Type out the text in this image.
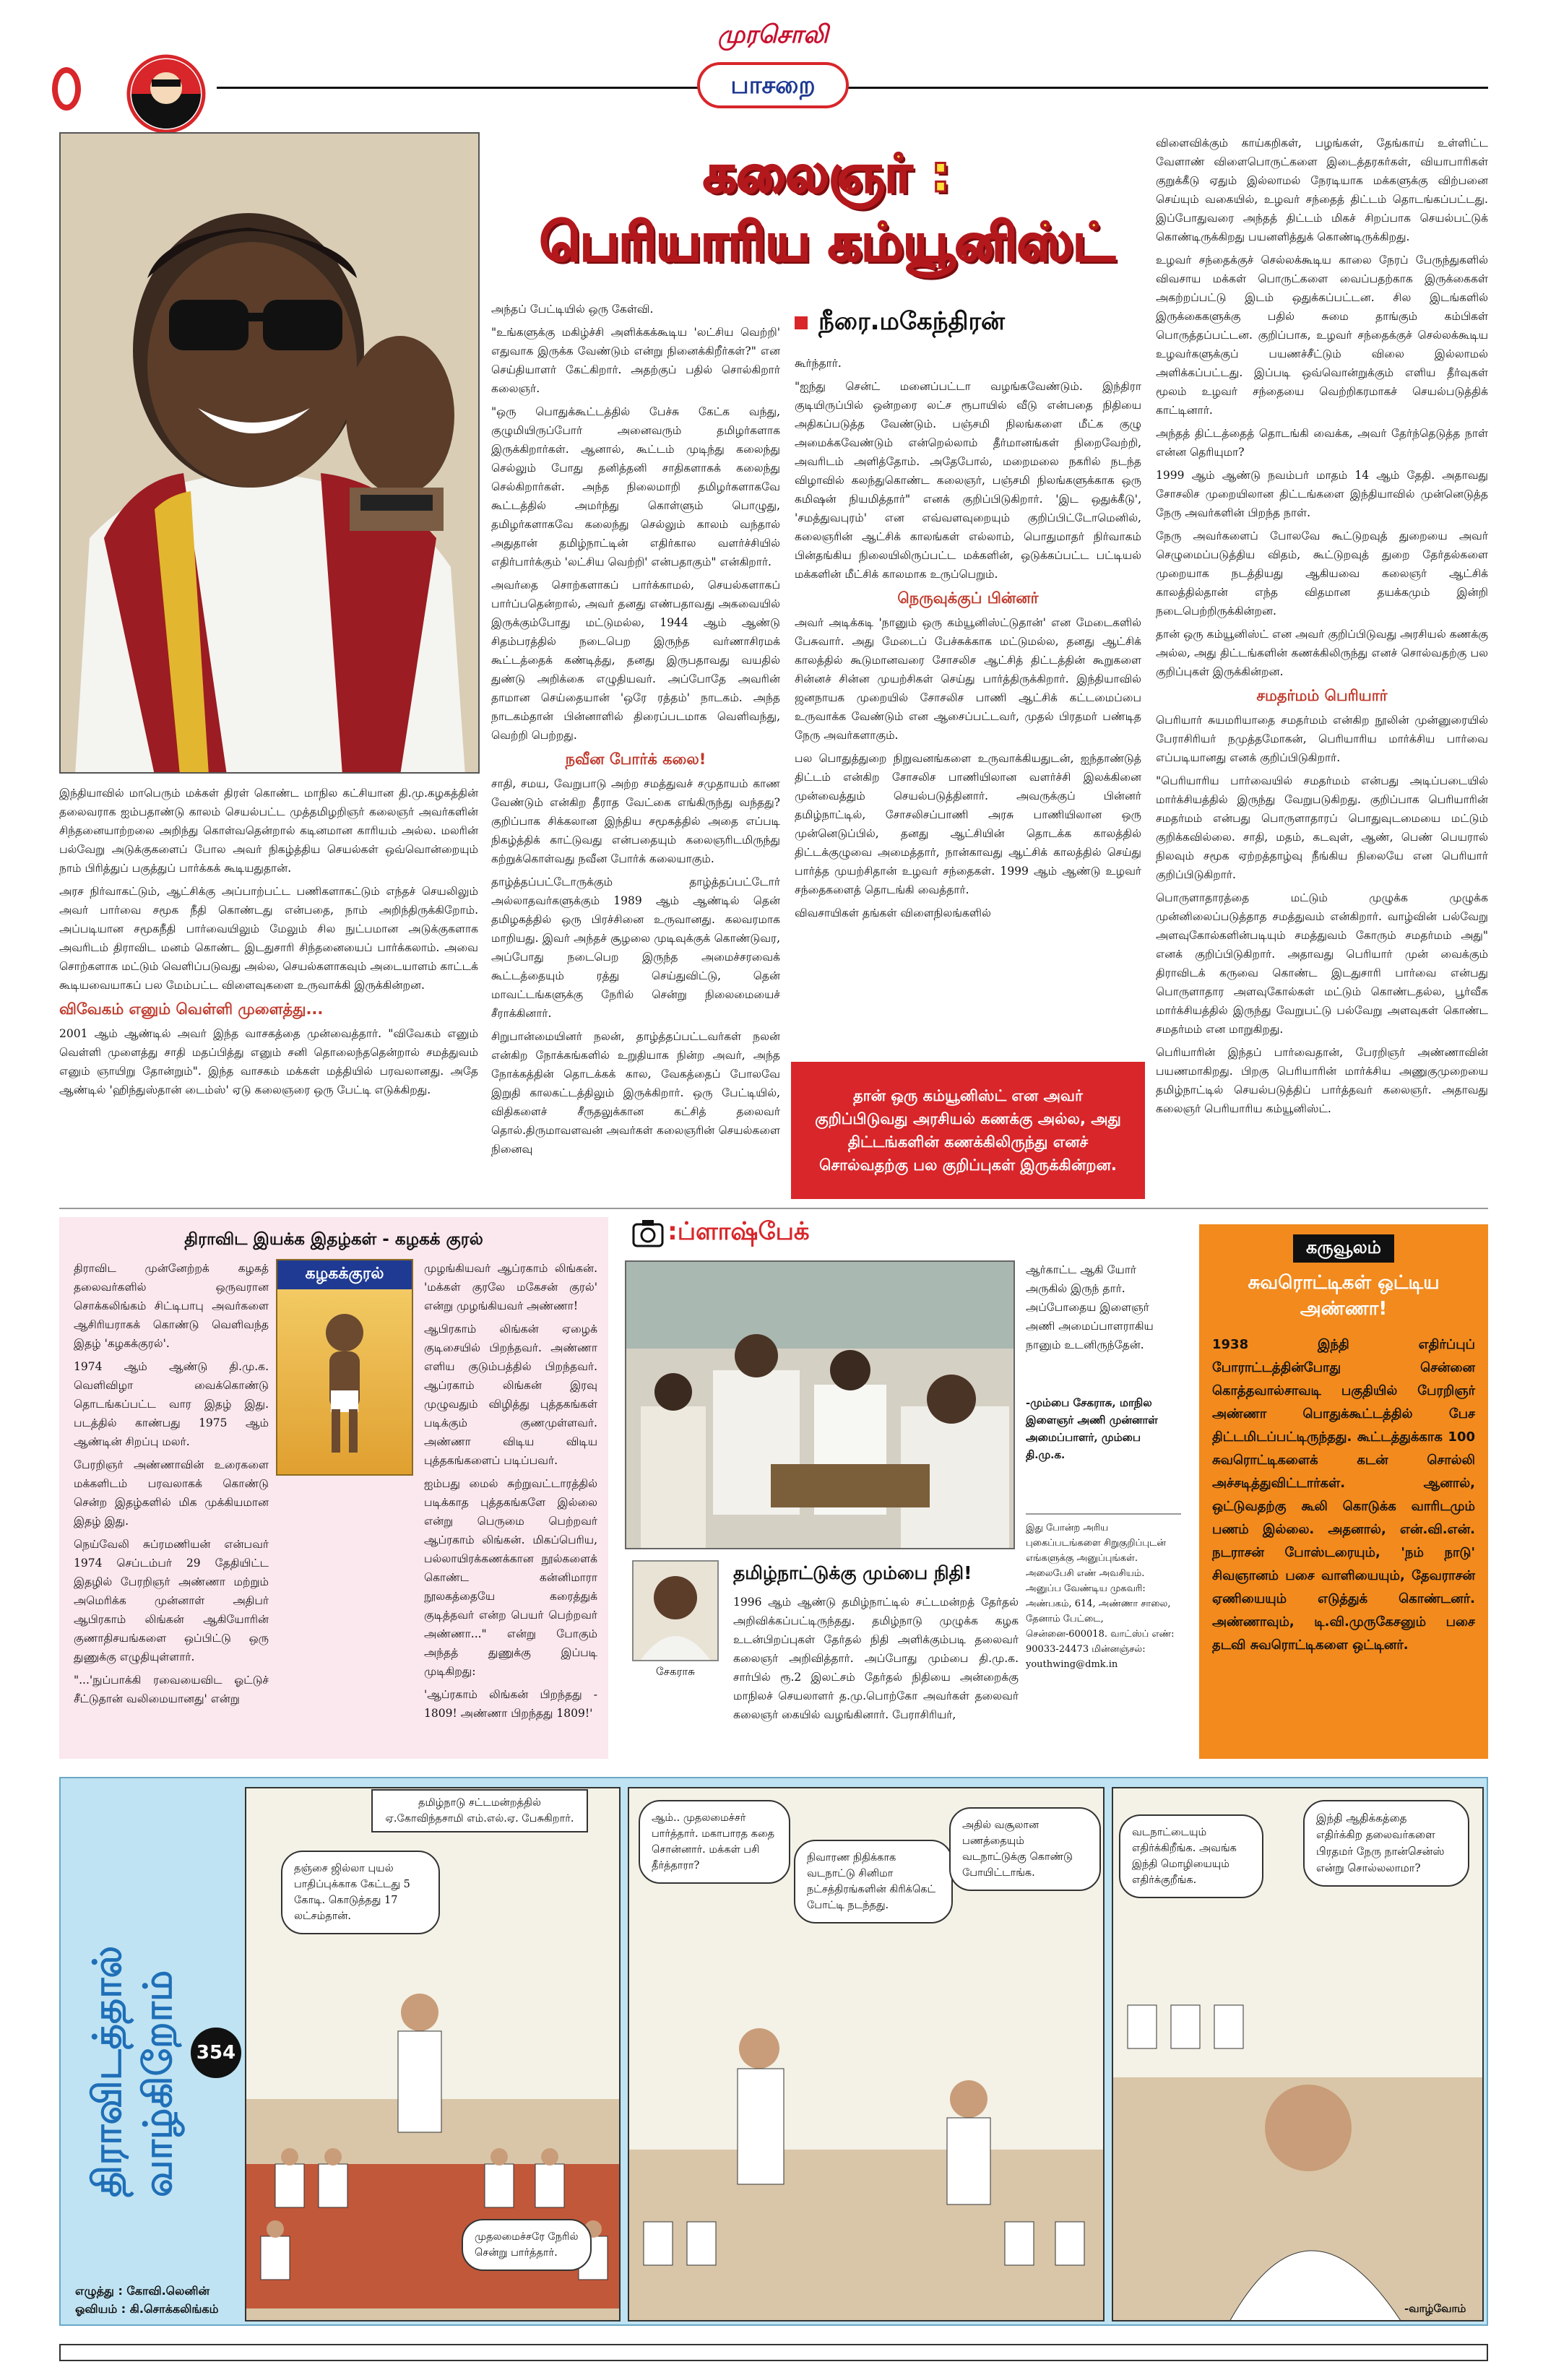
முரசொலி
பாசறை
கலைஞர் :
பெரியாரிய கம்யூனிஸ்ட்
நீரை.மகேந்திரன்

அந்தப் பேட்டியில் ஒரு கேள்வி.

"உங்களுக்கு மகிழ்ச்சி அளிக்கக்கூடிய 'லட்சிய வெற்றி' எதுவாக இருக்க வேண்டும் என்று நினைக்கிறீர்கள்?" என செய்தியாளர் கேட்கிறார். அதற்குப் பதில் சொல்கிறார் கலைஞர்.

"ஒரு பொதுக்கூட்டத்தில் பேச்சு கேட்க வந்து, குழுமியிருப்போர் அனைவரும் தமிழர்களாக இருக்கிறார்கள். ஆனால், கூட்டம் முடிந்து கலைந்து செல்லும் போது தனித்தனி சாதிகளாகக் கலைந்து செல்கிறார்கள். அந்த நிலைமாறி தமிழர்களாகவே கூட்டத்தில் அமர்ந்து கொள்ளும் பொழுது, தமிழர்களாகவே கலைந்து செல்லும் காலம் வந்தால் அதுதான் தமிழ்நாட்டின் எதிர்கால வளர்ச்சியில் எதிர்பார்க்கும் 'லட்சிய வெற்றி' என்பதாகும்" என்கிறார்.

அவர்தை சொற்களாகப் பார்க்காமல், செயல்களாகப் பார்ப்பதென்றால், அவர் தனது எண்பதாவது அகவையில் இருக்கும்போது மட்டுமல்ல, 1944 ஆம் ஆண்டு சிதம்பரத்தில் நடைபெற இருந்த வர்ணாசிரமக் கூட்டத்தைக் கண்டித்து, தனது இருபதாவது வயதில் துண்டு அறிக்கை எழுதியவர். அப்போதே அவரின் தாமான செய்தையான் 'ஒரே ரத்தம்' நாடகம். அந்த நாடகம்தான் பின்னாளில் திரைப்படமாக வெளிவந்து, வெற்றி பெற்றது.

நவீன போர்க் கலை!

சாதி, சமய, வேறுபாடு அற்ற சமத்துவச் சமுதாயம் காண வேண்டும் என்கிற தீராத வேட்கை எங்கிருந்து வந்தது? குறிப்பாக சிக்கலான இந்திய சமூகத்தில் அதை எப்படி நிகழ்த்திக் காட்டுவது என்பதையும் கலைஞரிடமிருந்து கற்றுக்கொள்வது நவீன போர்க் கலையாகும்.

தாழ்த்தப்பட்டோருக்கும் தாழ்த்தப்பட்டோர் அல்லாதவர்களுக்கும் 1989 ஆம் ஆண்டில் தென் தமிழகத்தில் ஒரு பிரச்சினை உருவானது. கலவரமாக மாறியது. இவர் அந்தச் சூழலை முடிவுக்குக் கொண்டுவர, அப்போது நடைபெற இருந்த அமைச்சரவைக் கூட்டத்தையும் ரத்து செய்துவிட்டு, தென் மாவட்டங்களுக்கு நேரில் சென்று நிலைமையைச் சீராக்கினார்.

சிறுபான்மையினர் நலன், தாழ்த்தப்பட்டவர்கள் நலன் என்கிற நோக்கங்களில் உறுதியாக நின்ற அவர், அந்த நோக்கத்தின் தொடக்கக் கால, வேகத்தைப் போலவே இறுதி காலகட்டத்திலும் இருக்கிறார். ஒரு பேட்டியில், விதிகளைச் சீருதலுக்கான கட்சித் தலைவர் தொல்.திருமாவளவன் அவர்கள் கலைஞரின் செயல்களை நினைவு

கூர்ந்தார்.

"ஐந்து சென்ட் மனைப்பட்டா வழங்கவேண்டும். இந்திரா குடியிருப்பில் ஒன்றரை லட்ச ரூபாயில் வீடு என்பதை நிதியை அதிகப்படுத்த வேண்டும். பஞ்சமி நிலங்களை மீட்க குழு அமைக்கவேண்டும் என்றெல்லாம் தீர்மானங்கள் நிறைவேற்றி, அவரிடம் அளித்தோம். அதேபோல், மறைமலை நகரில் நடந்த விழாவில் கலந்துகொண்ட கலைஞர், பஞ்சமி நிலங்களுக்காக ஒரு கமிஷன் நியமித்தார்" எனக் குறிப்பிடுகிறார். 'இட ஒதுக்கீடு', 'சமத்துவபுரம்' என எவ்வளவுறையும் குறிப்பிட்டோமெனில், கலைஞரின் ஆட்சிக் காலங்கள் எல்லாம், பொதுமாதர் நிர்வாகம் பின்தங்கிய நிலையிலிருப்பட்ட மக்களின், ஒடுக்கப்பட்ட பட்டியல் மக்களின் மீட்சிக் காலமாக உருப்பெறும்.

நெருவுக்குப் பின்னர்

அவர் அடிக்கடி 'நானும் ஒரு கம்யூனிஸ்ட்டுதான்' என மேடைகளில் பேசுவார். அது மேடைப் பேச்சுக்காக மட்டுமல்ல, தனது ஆட்சிக் காலத்தில் கூடுமானவரை சோசலிச ஆட்சித் திட்டத்தின் கூறுகளை சின்னச் சின்ன முயற்சிகள் செய்து பார்த்திருக்கிறார். இந்தியாவில் ஜனநாயக முறையில் சோசலிச பாணி ஆட்சிக் கட்டமைப்பை உருவாக்க வேண்டும் என ஆசைப்பட்டவர், முதல் பிரதமர் பண்டித நேரு அவர்களாகும்.

பல பொதுத்துறை நிறுவனங்களை உருவாக்கியதுடன், ஐந்தாண்டுத் திட்டம் என்கிற சோசலிச பாணியிலான வளர்ச்சி இலக்கினை முன்வைத்தும் செயல்படுத்தினார். அவருக்குப் பின்னர் தமிழ்நாட்டில், சோசலிசப்பாணி அரசு பாணியிலான ஒரு முன்னெடுப்பில், தனது ஆட்சியின் தொடக்க காலத்தில் திட்டக்குழுவை அமைத்தார், நான்காவது ஆட்சிக் காலத்தில் செய்து பார்த்த முயற்சிதான் உழவர் சந்தைகள். 1999 ஆம் ஆண்டு உழவர் சந்தைகளைத் தொடங்கி வைத்தார்.

விவசாயிகள் தங்கள் விளைநிலங்களில்

தான் ஒரு கம்யூனிஸ்ட் என அவர் குறிப்பிடுவது அரசியல் கணக்கு அல்ல, அது திட்டங்களின் கணக்கிலிருந்து எனச் சொல்வதற்கு பல குறிப்புகள் இருக்கின்றன.

விளைவிக்கும் காய்கறிகள், பழங்கள், தேங்காய் உள்ளிட்ட வேளாண் விளைபொருட்களை இடைத்தரகர்கள், வியாபாரிகள் குறுக்கீடு ஏதும் இல்லாமல் நேரடியாக மக்களுக்கு விற்பனை செய்யும் வகையில், உழவர் சந்தைத் திட்டம் தொடங்கப்பட்டது. இப்போதுவரை அந்தத் திட்டம் மிகச் சிறப்பாக செயல்பட்டுக் கொண்டிருக்கிறது பயனளித்துக் கொண்டிருக்கிறது.

உழவர் சந்தைக்குச் செல்லக்கூடிய காலை நேரப் பேருந்துகளில் விவசாய மக்கள் பொருட்களை வைப்பதற்காக இருக்கைகள் அகற்றப்பட்டு இடம் ஒதுக்கப்பட்டன. சில இடங்களில் இருக்கைகளுக்கு பதில் சுமை தாங்கும் கம்பிகள் பொருத்தப்பட்டன. குறிப்பாக, உழவர் சந்தைக்குச் செல்லக்கூடிய உழவர்களுக்குப் பயணச்சீட்டும் விலை இல்லாமல் அளிக்கப்பட்டது. இப்படி ஒவ்வொன்றுக்கும் எளிய தீர்வுகள் மூலம் உழவர் சந்தையை வெற்றிகரமாகச் செயல்படுத்திக் காட்டினார்.

அந்தத் திட்டத்தைத் தொடங்கி வைக்க, அவர் தேர்ந்தெடுத்த நாள் என்ன தெரியுமா?

1999 ஆம் ஆண்டு நவம்பர் மாதம் 14 ஆம் தேதி. அதாவது சோசலிச முறையிலான திட்டங்களை இந்தியாவில் முன்னெடுத்த நேரு அவர்களின் பிறந்த நாள்.

நேரு அவர்களைப் போலவே கூட்டுறவுத் துறையை அவர் செழுமைப்படுத்திய விதம், கூட்டுறவுத் துறை தேர்தல்களை முறையாக நடத்தியது ஆகியவை கலைஞர் ஆட்சிக் காலத்தில்தான் எந்த விதமான தயக்கமும் இன்றி நடைபெற்றிருக்கின்றன.

தான் ஒரு கம்யூனிஸ்ட் என அவர் குறிப்பிடுவது அரசியல் கணக்கு அல்ல, அது திட்டங்களின் கணக்கிலிருந்து எனச் சொல்வதற்கு பல குறிப்புகள் இருக்கின்றன.

சமதர்மம் பெரியார்

பெரியார் சுயமரியாதை சமதர்மம் என்கிற நூலின் முன்னுரையில் பேராசிரியர் நமுத்தமோகன், பெரியாரிய மார்க்சிய பார்வை எப்படியானது எனக் குறிப்பிடுகிறார்.

"பெரியாரிய பார்வையில் சமதர்மம் என்பது அடிப்படையில் மார்க்சியத்தில் இருந்து வேறுபடுகிறது. குறிப்பாக பெரியாரின் சமதர்மம் என்பது பொருளாதாரப் பொதுவுடமையை மட்டும் குறிக்கவில்லை. சாதி, மதம், கடவுள், ஆண், பெண் பெயரால் நிலவும் சமூக ஏற்றத்தாழ்வு நீங்கிய நிலையே என பெரியார் குறிப்பிடுகிறார்.

பொருளாதாரத்தை மட்டும் முழுக்க முழுக்க முன்னிலைப்படுத்தாத சமத்துவம் என்கிறார். வாழ்வின் பல்வேறு அளவுகோல்களின்படியும் சமத்துவம் கோரும் சமதர்மம் அது" எனக் குறிப்பிடுகிறார். அதாவது பெரியார் முன் வைக்கும் திராவிடக் கருவை கொண்ட இடதுசாரி பார்வை என்பது பொருளாதார அளவுகோல்கள் மட்டும் கொண்டதல்ல, பூர்வீக மார்க்சியத்தில் இருந்து வேறுபட்டு பல்வேறு அளவுகள் கொண்ட சமதர்மம் என மாறுகிறது.

பெரியாரின் இந்தப் பார்வைதான், பேரறிஞர் அண்ணாவின் பயணமாகிறது. பிறகு பெரியாரின் மார்க்சிய அணுகுமுறையை தமிழ்நாட்டில் செயல்படுத்திப் பார்த்தவர் கலைஞர். அதாவது கலைஞர் பெரியாரிய கம்யூனிஸ்ட்.

இந்தியாவில் மாபெரும் மக்கள் திரள் கொண்ட மாநில கட்சியான தி.மு.கழகத்தின் தலைவராக ஐம்பதாண்டு காலம் செயல்பட்ட முத்தமிழறிஞர் கலைஞர் அவர்களின் சிந்தனையாற்றலை அறிந்து கொள்வதென்றால் கடினமான காரியம் அல்ல. மலரின் பல்வேறு அடுக்குகளைப் போல அவர் நிகழ்த்திய செயல்கள் ஒவ்வொன்றையும் நாம் பிரித்துப் பகுத்துப் பார்க்கக் கூடியதுதான்.

அரச நிர்வாகட்டும், ஆட்சிக்கு அப்பாற்பட்ட பணிகளாகட்டும் எந்தச் செயலிலும் அவர் பார்வை சமூக நீதி கொண்டது என்பதை, நாம் அறிந்திருக்கிறோம். அப்படியான சமூகநீதி பார்வையிலும் மேலும் சில நுட்பமான அடுக்குகளாக அவரிடம் திராவிட மனம் கொண்ட இடதுசாரி சிந்தனையைப் பார்க்கலாம். அவை சொற்களாக மட்டும் வெளிப்படுவது அல்ல, செயல்களாகவும் அடையாளம் காட்டக் கூடியவையாகப் பல மேம்பட்ட விளைவுகளை உருவாக்கி இருக்கின்றன.

விவேகம் எனும் வெள்ளி முளைத்து...

2001 ஆம் ஆண்டில் அவர் இந்த வாசகத்தை முன்வைத்தார். "விவேகம் எனும் வெள்ளி முளைத்து சாதி மதப்பித்து எனும் சனி தொலைந்ததென்றால் சமத்துவம் எனும் ஞாயிறு தோன்றும்". இந்த வாசகம் மக்கள் மத்தியில் பரவலானது. அதே ஆண்டில் 'ஹிந்துஸ்தான் டைம்ஸ்' ஏடு கலைஞரை ஒரு பேட்டி எடுக்கிறது.

திராவிட இயக்க இதழ்கள் - கழகக் குரல்
கழகக்குரல்

திராவிட முன்னேற்றக் கழகத் தலைவர்களில் ஒருவரான சொக்கலிங்கம் சிட்டிபாபு அவர்களை ஆசிரியராகக் கொண்டு வெளிவந்த இதழ் 'கழகக்குரல்'.

1974 ஆம் ஆண்டு தி.மு.க. வெளிவிழா வைக்கொண்டு தொடங்கப்பட்ட வார இதழ் இது. படத்தில் காண்பது 1975 ஆம் ஆண்டின் சிறப்பு மலர்.

பேரறிஞர் அண்ணாவின் உரைகளை மக்களிடம் பரவலாகக் கொண்டு சென்ற இதழ்களில் மிக முக்கியமான இதழ் இது.

நெய்வேலி சுப்ரமணியன் என்பவர் 1974 செப்டம்பர் 29 தேதியிட்ட இதழில் பேரறிஞர் அண்ணா மற்றும் அமெரிக்க முன்னாள் அதிபர் ஆபிரகாம் லிங்கன் ஆகியோரின் குணாதிசயங்களை ஒப்பிட்டு ஒரு துணுக்கு எழுதியுள்ளார்.

"...'நுப்பாக்கி ரவையைவிட ஓட்டுச் சீட்டுதான் வலிமையானது' என்று

முழங்கியவர் ஆப்ரகாம் லிங்கன். 'மக்கள் குரலே மகேசன் குரல்' என்று முழங்கியவர் அண்ணா!

ஆபிரகாம் லிங்கன் ஏழைக் குடிசையில் பிறந்தவர். அண்ணா எளிய குடும்பத்தில் பிறந்தவர். ஆப்ரகாம் லிங்கன் இரவு முழுவதும் விழித்து புத்தகங்கள் படிக்கும் குணமுள்ளவர். அண்ணா விடிய விடிய புத்தகங்களைப் படிப்பவர்.

ஐம்பது மைல் சுற்றுவட்டாரத்தில் படிக்காத புத்தகங்களே இல்லை என்று பெருமை பெற்றவர் ஆப்ரகாம் லிங்கன். மிகப்பெரிய, பல்லாயிரக்கணக்கான நூல்களைக் கொண்ட கன்னிமாரா நூலகத்தையே கரைத்துக் குடித்தவர் என்ற பெயர் பெற்றவர் அண்ணா..." என்று போகும் அந்தத் துணுக்கு இப்படி முடிகிறது:

'ஆப்ரகாம் லிங்கன் பிறந்தது - 1809! அண்ணா பிறந்தது 1809!'

:ப்ளாஷ்பேக்
ஆர்காட்ட ஆகி யோர் அருகில் இருந் தார். அப்போதைய இளைஞர் அணி அமைப்பாளராகிய நானும் உடனிருந்தேன்.
-மும்பை சேகராசு, மாநில இளைஞர் அணி முன்னாள் அமைப்பாளர், மும்பை தி.மு.க.
இது போன்ற அரிய புகைப்படங்களை சிறுகுறிப்புடன் எங்களுக்கு அனுப்புங்கள். அலைபேசி எண் அவசியம். அனுப்ப வேண்டிய முகவரி: அண்பகம், 614, அண்ணா சாலை, தேனாம் பேட்டை, சென்னை-600018. வாட்ஸ்ப் எண்: 90033-24473 மின்னஞ்சல்: youthwing@dmk.in
சேகராசு
தமிழ்நாட்டுக்கு மும்பை நிதி!
1996 ஆம் ஆண்டு தமிழ்நாட்டில் சட்டமன்றத் தேர்தல் அறிவிக்கப்பட்டிருந்தது. தமிழ்நாடு முழுக்க கழக உடன்பிறப்புகள் தேர்தல் நிதி அளிக்கும்படி தலைவர் கலைஞர் அறிவித்தார். அப்போது மும்பை தி.மு.க. சார்பில் ரூ.2 இலட்சம் தேர்தல் நிதியை அன்றைக்கு மாநிலச் செயலாளர் த.மு.பொற்கோ அவர்கள் தலைவர் கலைஞர் கையில் வழங்கினார். பேராசிரியர்,
கருவூலம்
சுவரொட்டிகள் ஒட்டிய அண்ணா!
1938 இந்தி எதிர்ப்புப் போராட்டத்தின்போது சென்னை கொத்தவால்சாவடி பகுதியில் பேரறிஞர் அண்ணா பொதுக்கூட்டத்தில் பேச திட்டமிடப்பட்டிருந்தது. கூட்டத்துக்காக 100 சுவரொட்டிகளைக் கடன் சொல்லி அச்சடித்துவிட்டார்கள். ஆனால், ஒட்டுவதற்கு கூலி கொடுக்க வாரிடமும் பணம் இல்லை. அதனால், என்.வி.என். நடராசன் போஸ்டரையும், 'நம் நாடு' சிவஞானம் பசை வாளியையும், தேவராசன் ஏணியையும் எடுத்துக் கொண்டனர். அண்ணாவும், டி.வி.முருகேசனும் பசை தடவி சுவரொட்டிகளை ஒட்டினர்.
திராவிடத்தால் வாழ்கிறோம் 354
எழுத்து : கோவி.லெனின்
ஓவியம் : கி.சொக்கலிங்கம்
தமிழ்நாடு சட்டமன்றத்தில் ஏ.கோவிந்தசாமி எம்.எல்.ஏ. பேசுகிறார்.
தஞ்சை ஜில்லா புயல் பாதிப்புக்காக கேட்டது 5 கோடி. கொடுத்தது 17 லட்சம்தான்.
ஆம்.. முதலமைச்சர் பார்த்தார். மகாபாரத கதை சொன்னார். மக்கள் பசி தீர்த்தாரா?
நிவாரண நிதிக்காக வடநாட்டு சினிமா நட்சத்திரங்களின் கிரிக்கெட் போட்டி நடந்தது.
அதில் வசூலான பணத்தையும் வடநாட்டுக்கு கொண்டு போயிட்டாங்க.
முதலமைச்சரே நேரில் சென்று பார்த்தார்.
வடநாட்டையும் எதிர்க்கிறீங்க. அவங்க இந்தி மொழியையும் எதிர்க்குறீங்க.
இந்தி ஆதிக்கத்தை எதிர்க்கிற தலைவர்களை பிரதமர் நேரு நான்சென்ஸ் என்று சொல்லலாமா?
-வாழ்வோம்
